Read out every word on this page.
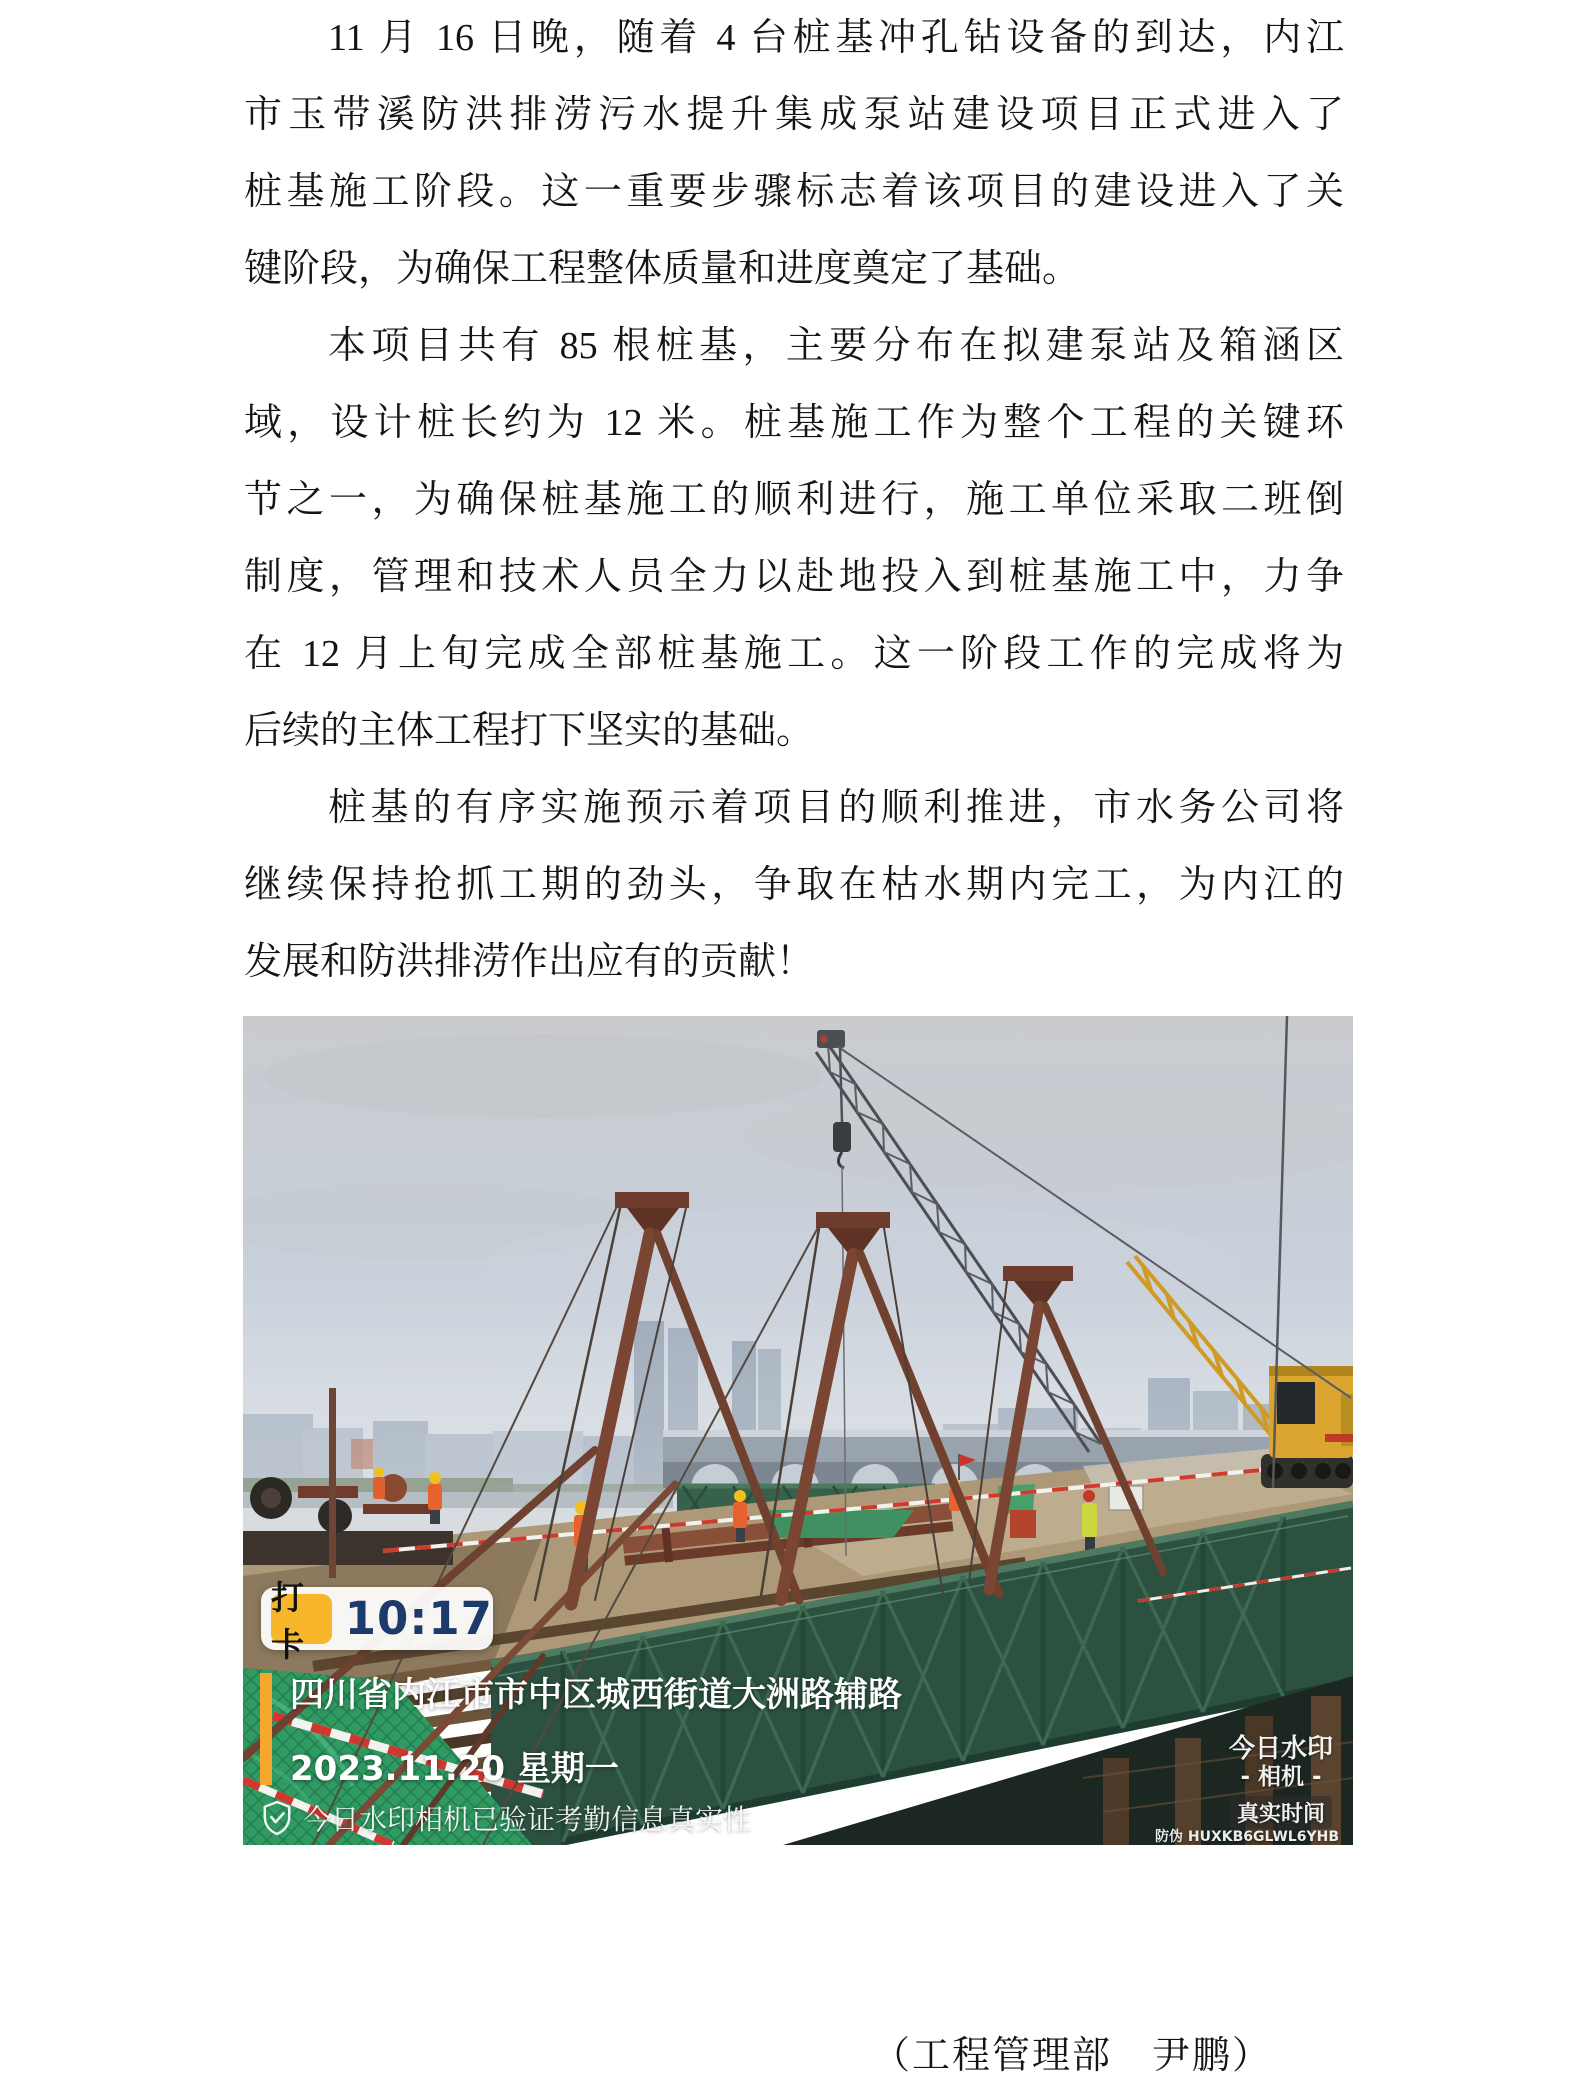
11 月 16 日晚，随着 4 台桩基冲孔钻设备的到达，内江
市玉带溪防洪排涝污水提升集成泵站建设项目正式进入了
桩基施工阶段。这一重要步骤标志着该项目的建设进入了关
键阶段，为确保工程整体质量和进度奠定了基础。
本项目共有 85 根桩基，主要分布在拟建泵站及箱涵区
域，设计桩长约为 12 米。桩基施工作为整个工程的关键环
节之一，为确保桩基施工的顺利进行，施工单位采取二班倒
制度，管理和技术人员全力以赴地投入到桩基施工中，力争
在 12 月上旬完成全部桩基施工。这一阶段工作的完成将为
后续的主体工程打下坚实的基础。
桩基的有序实施预示着项目的顺利推进，市水务公司将
继续保持抢抓工期的劲头，争取在枯水期内完工，为内江的
发展和防洪排涝作出应有的贡献！
打卡 10:17
四川省内江市市中区城西街道大洲路辅路
2023.11.20 星期一
今日水印相机已验证考勤信息真实性
今日水印
- 相机 -
真实时间
防伪 HUXKB6GLWL6YHB
（工程管理部　尹鹏）
